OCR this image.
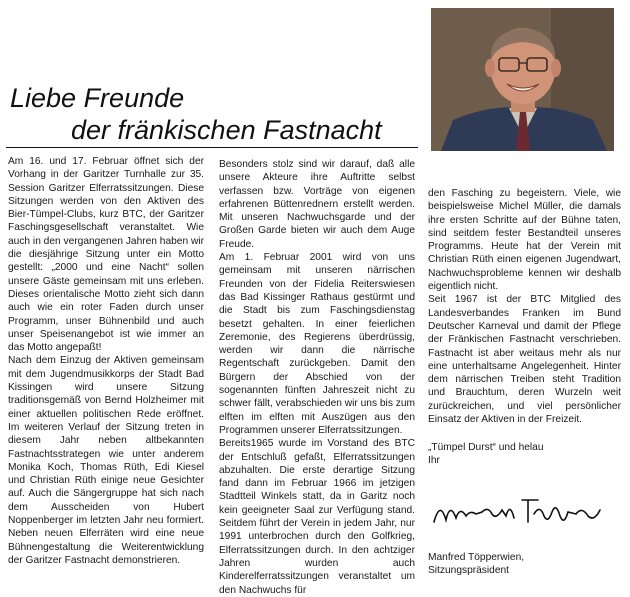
Liebe Freunde
der fränkischen Fastnacht

Am 16. und 17. Februar öffnet sich der Vorhang in der Garitzer Turnhalle zur 35. Session Garitzer Elferratssitzungen. Diese Sitzungen werden von den Aktiven des Bier-Tümpel-Clubs, kurz BTC, der Garitzer Faschingsgesellschaft veranstaltet. Wie auch in den vergangenen Jahren haben wir die diesjährige Sitzung unter ein Motto gestellt: „2000 und eine Nacht“ sollen unsere Gäste gemeinsam mit uns erleben. Dieses orientalische Motto zieht sich dann auch wie ein roter Faden durch unser Programm, unser Bühnenbild und auch unser Speisenangebot ist wie immer an das Motto angepaßt!

Nach dem Einzug der Aktiven gemeinsam mit dem Jugendmusikkorps der Stadt Bad Kissingen wird unsere Sitzung traditionsgemäß von Bernd Holzheimer mit einer aktuellen politischen Rede eröffnet. Im weiteren Verlauf der Sitzung treten in diesem Jahr neben altbekannten Fastnachtsstrategen wie unter anderem Monika Koch, Thomas Rüth, Edi Kiesel und Christian Rüth einige neue Gesichter auf. Auch die Sängergruppe hat sich nach dem Ausscheiden von Hubert Noppenberger im letzten Jahr neu formiert. Neben neuen Elferräten wird eine neue Bühnengestaltung die Weiterentwicklung der Garitzer Fastnacht demonstrieren.

Besonders stolz sind wir darauf, daß alle unsere Akteure ihre Auftritte selbst verfassen bzw. Vorträge von eigenen erfahrenen Büttenrednern erstellt werden. Mit unseren Nachwuchsgarde und der Großen Garde bieten wir auch dem Auge Freude.

Am 1. Februar 2001 wird von uns gemeinsam mit unseren närrischen Freunden von der Fidelia Reiterswiesen das Bad Kissinger Rathaus gestürmt und die Stadt bis zum Faschingsdienstag besetzt gehalten. In einer feierlichen Zeremonie, des Regierens überdrüssig, werden wir dann die närrische Regentschaft zurückgeben. Damit den Bürgern der Abschied von der sogenannten fünften Jahreszeit nicht zu schwer fällt, verabschieden wir uns bis zum elften im elften mit Auszügen aus den Programmen unserer Elferratssitzungen.

Bereits1965 wurde im Vorstand des BTC der Entschluß gefaßt, Elferratssitzungen abzuhalten. Die erste derartige Sitzung fand dann im Februar 1966 im jetzigen Stadtteil Winkels statt, da in Garitz noch kein geeigneter Saal zur Verfügung stand. Seitdem führt der Verein in jedem Jahr, nur 1991 unterbrochen durch den Golfkrieg, Elferratssitzungen durch. In den achtziger Jahren wurden auch Kinderelferratssitzungen veranstaltet um den Nachwuchs für

den Fasching zu begeistern. Viele, wie beispielsweise Michel Müller, die damals ihre ersten Schritte auf der Bühne taten, sind seitdem fester Bestandteil unseres Programms. Heute hat der Verein mit Christian Rüth einen eigenen Jugendwart, Nachwuchsprobleme kennen wir deshalb eigentlich nicht.

Seit 1967 ist der BTC Mitglied des Landesverbandes Franken im Bund Deutscher Karneval und damit der Pflege der Fränkischen Fastnacht verschrieben. Fastnacht ist aber weitaus mehr als nur eine unterhaltsame Angelegenheit. Hinter dem närrischen Treiben steht Tradition und Brauchtum, deren Wurzeln weit zurückreichen, und viel persönlicher Einsatz der Aktiven in der Freizeit.

„Tümpel Durst“ und helau
Ihr
Manfred Töpperwien,
Sitzungspräsident
